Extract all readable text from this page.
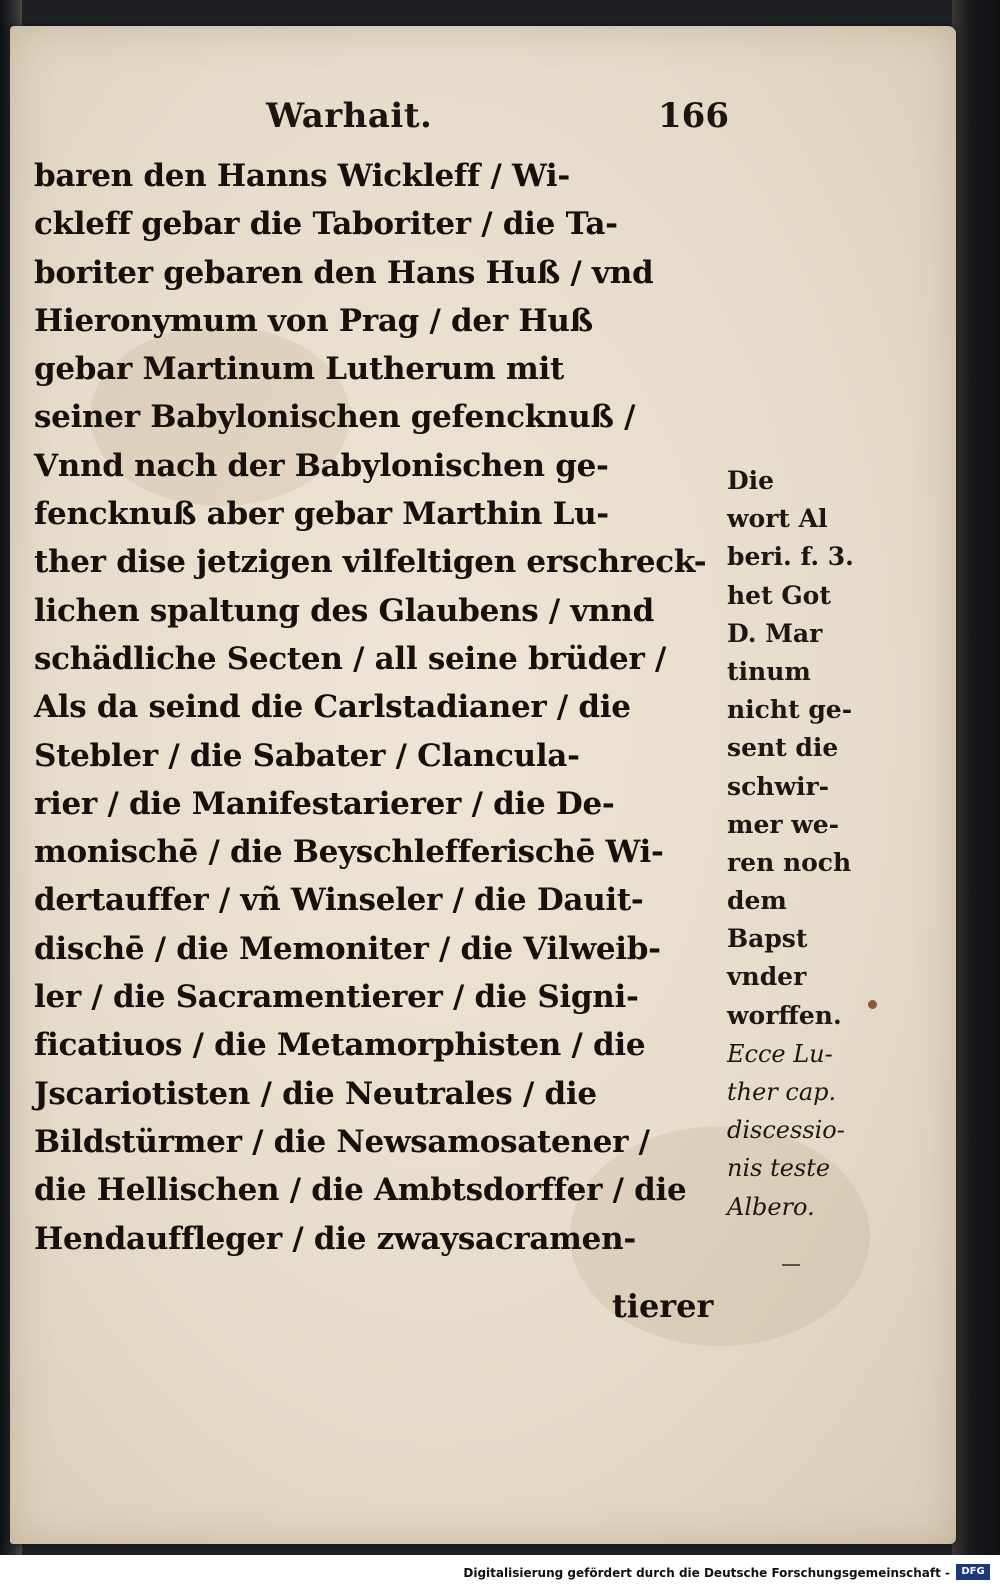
Warhait.	166
baren den Hanns Wickleff / Wi-
ckleff gebar die Taboriter / die Ta-
boriter gebaren den Hans Huß / vnd
Hieronymum von Prag / der Huß
gebar Martinum Lutherum mit
seiner Babylonischen gefencknuß /
Vnnd nach der Babylonischen ge-
fencknuß aber gebar Marthin Lu-
ther dise jetzigen vilfeltigen erschreck-
lichen spaltung des Glaubens / vnnd
schädliche Secten / all seine brüder /
Als da seind die Carlstadianer / die
Stebler / die Sabater / Clancula-
rier / die Manifestarierer / die De-
monischē / die Beyschlefferischē Wi-
dertauffer / vñ Winseler / die Dauit-
dischē / die Memoniter / die Vilweib-
ler / die Sacramentierer / die Signi-
ficatiuos / die Metamorphisten / die
Jscariotisten / die Neutrales / die
Bildstürmer / die Newsamosatener /
die Hellischen / die Ambtsdorffer / die
Hendauffleger / die zwaysacramen-
tierer
Die
wort Al
beri. f. 3.
het Got
D. Mar
tinum
nicht ge-
sent die
schwir-
mer we-
ren noch
dem
Bapst
vnder
worffen.
Ecce Lu-
ther cap.
discessio-
nis teste
Albero.
Digitalisierung gefördert durch die Deutsche Forschungsgemeinschaft -	DFG
